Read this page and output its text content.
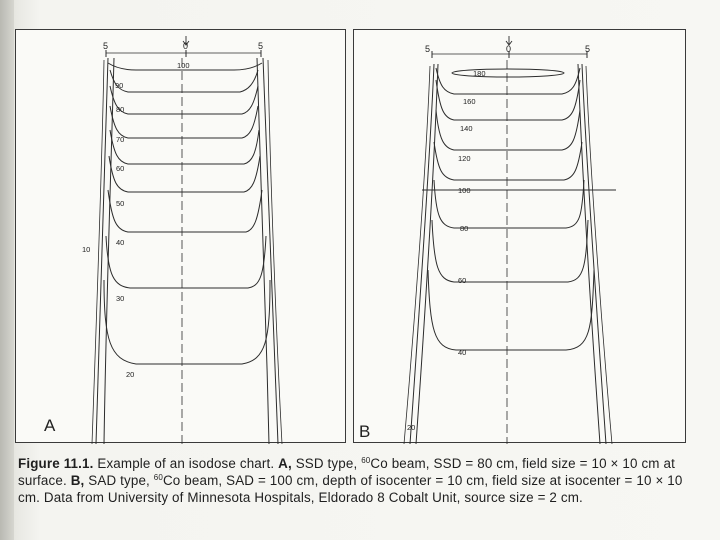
5	0	5
100
90
80
70
60
50
40
30
20
10
A
5	0	5
180
160
140
120
100
80
60
40
20
B
Figure 11.1. Example of an isodose chart. A, SSD type, $^{60}$Co beam, SSD = 80 cm, field size = 10 × 10 cm at surface. B, SAD type, $^{60}$Co beam, SAD = 100 cm, depth of isocenter = 10 cm, field size at isocenter = 10 × 10 cm. Data from University of Minnesota Hospitals, Eldorado 8 Cobalt Unit, source size = 2 cm.
